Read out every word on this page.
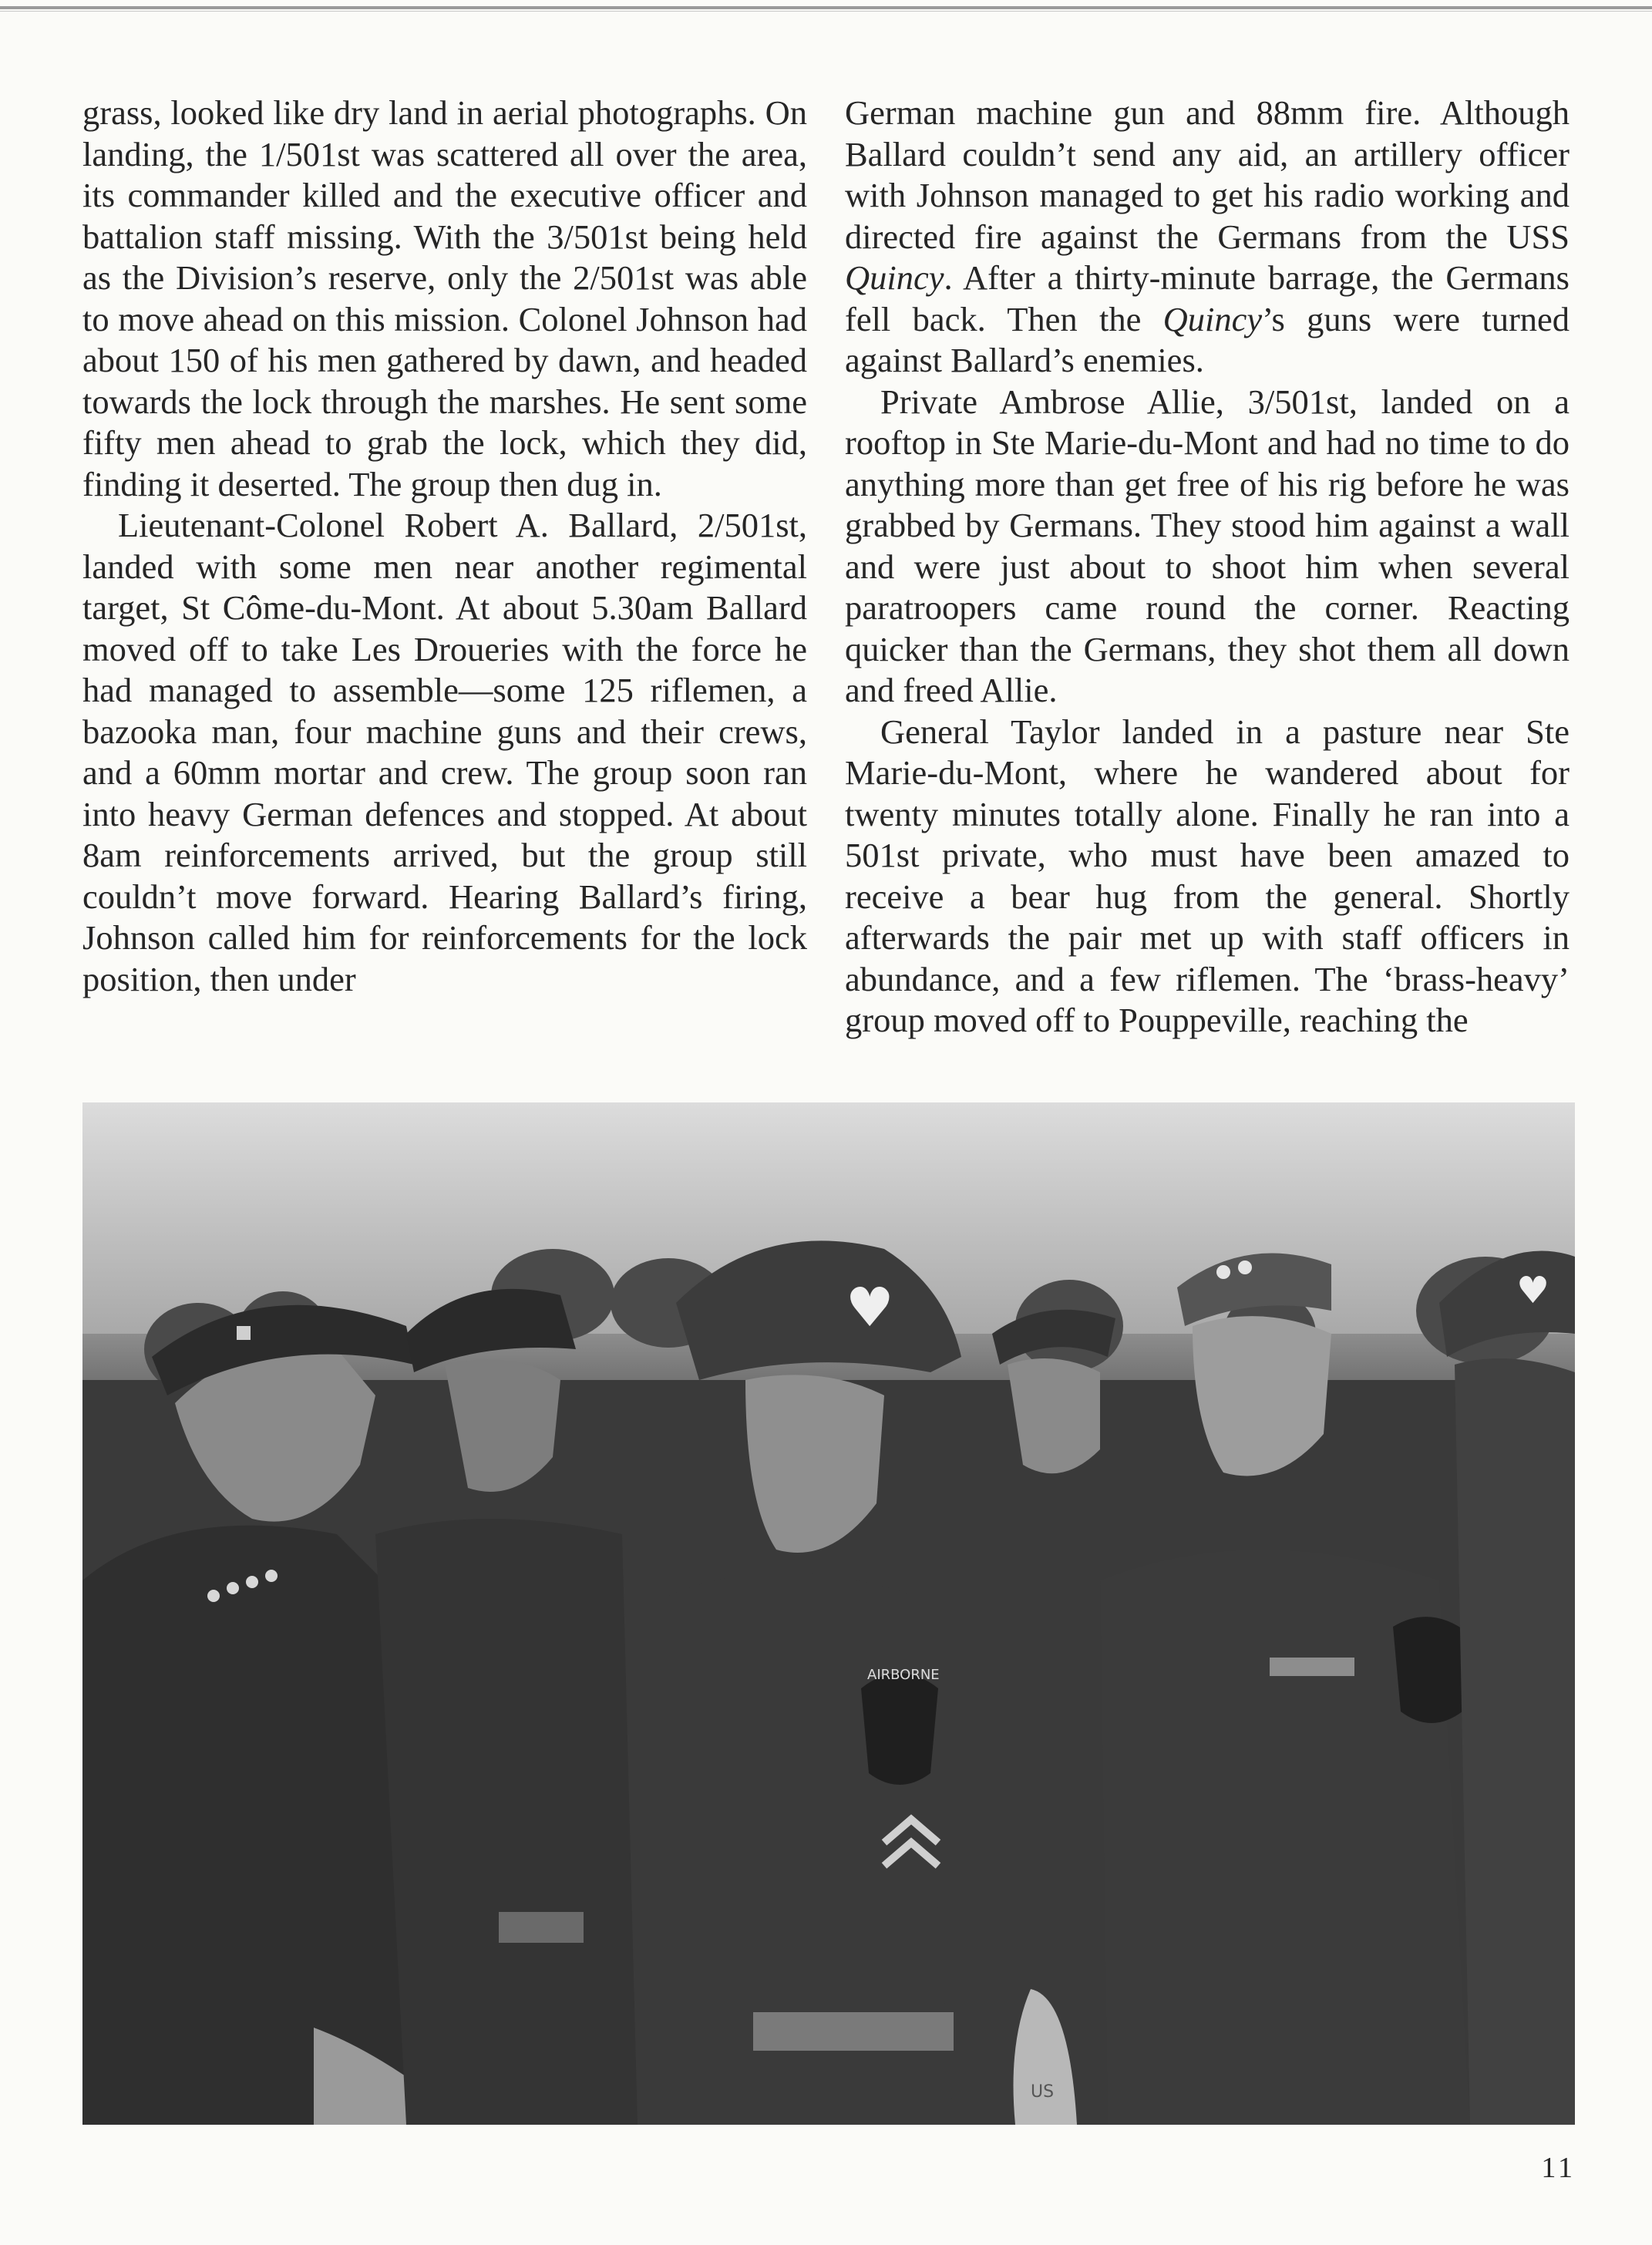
grass, looked like dry land in aerial photographs. On landing, the 1/501st was scattered all over the area, its commander killed and the executive officer and battalion staff missing. With the 3/501st being held as the Division’s reserve, only the 2/501st was able to move ahead on this mission. Colonel Johnson had about 150 of his men gathered by dawn, and headed towards the lock through the marshes. He sent some fifty men ahead to grab the lock, which they did, finding it deserted. The group then dug in.

Lieutenant-Colonel Robert A. Ballard, 2/501st, landed with some men near another regimental target, St Côme-du-Mont. At about 5.30am Ballard moved off to take Les Droueries with the force he had managed to assemble—some 125 riflemen, a bazooka man, four machine guns and their crews, and a 60mm mortar and crew. The group soon ran into heavy German defences and stopped. At about 8am reinforcements arrived, but the group still couldn’t move forward. Hearing Ballard’s firing, Johnson called him for reinforcements for the lock position, then under

German machine gun and 88mm fire. Although Ballard couldn’t send any aid, an artillery officer with Johnson managed to get his radio working and directed fire against the Germans from the USS Quincy. After a thirty-minute barrage, the Germans fell back. Then the Quincy’s guns were turned against Ballard’s enemies.

Private Ambrose Allie, 3/501st, landed on a rooftop in Ste Marie-du-Mont and had no time to do anything more than get free of his rig before he was grabbed by Germans. They stood him against a wall and were just about to shoot him when several paratroopers came round the corner. Reacting quicker than the Germans, they shot them all down and freed Allie.

General Taylor landed in a pasture near Ste Marie-du-Mont, where he wandered about for twenty minutes totally alone. Finally he ran into a 501st private, who must have been amazed to receive a bear hug from the general. Shortly afterwards the pair met up with staff officers in abundance, and a few riflemen. The ‘brass-heavy’ group moved off to Pouppeville, reaching the

♥
AIRBORNE
US
♥
11
